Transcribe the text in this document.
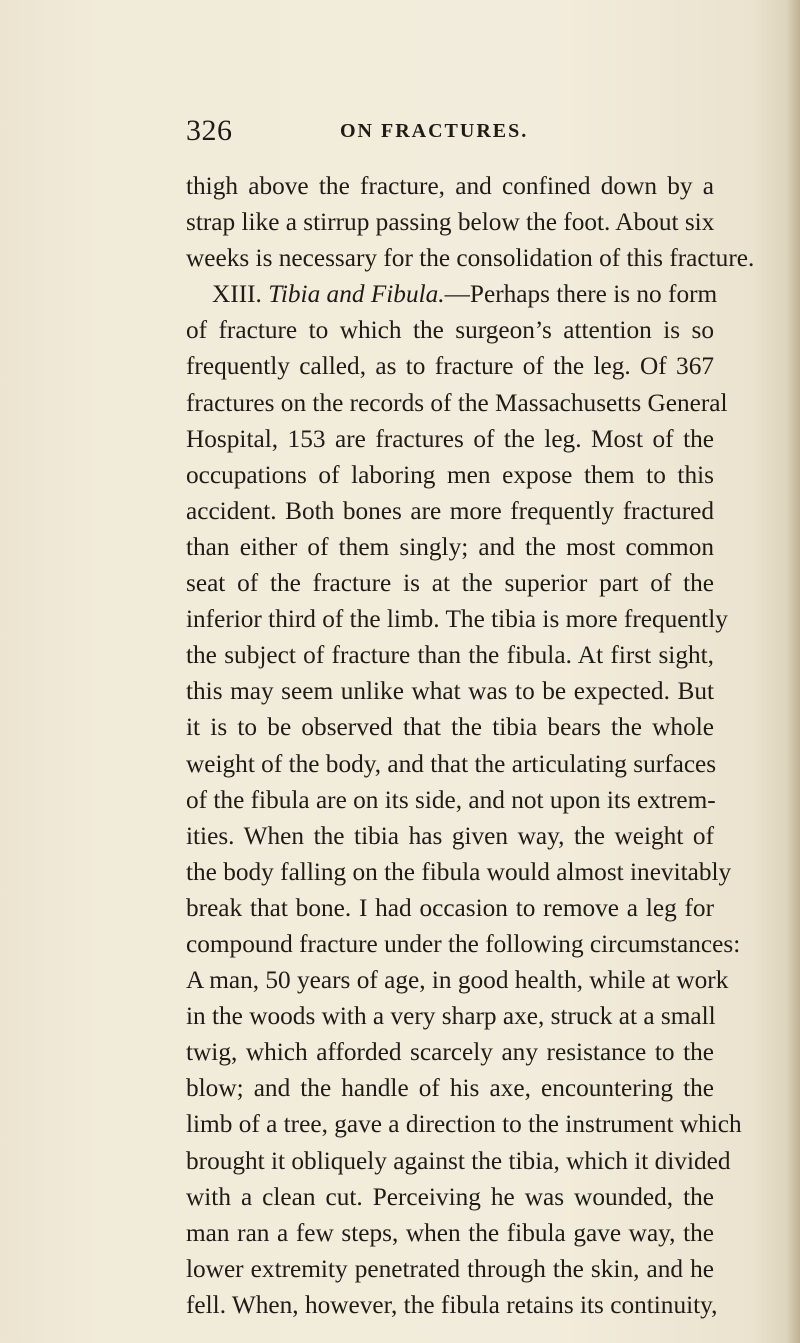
326	ON FRACTURES.
thigh above the fracture, and confined down by a
strap like a stirrup passing below the foot. About six
weeks is necessary for the consolidation of this fracture.
XIII. Tibia and Fibula.—Perhaps there is no form
of fracture to which the surgeon’s attention is so
frequently called, as to fracture of the leg. Of 367
fractures on the records of the Massachusetts General
Hospital, 153 are fractures of the leg. Most of the
occupations of laboring men expose them to this
accident. Both bones are more frequently fractured
than either of them singly; and the most common
seat of the fracture is at the superior part of the
inferior third of the limb. The tibia is more frequently
the subject of fracture than the fibula. At first sight,
this may seem unlike what was to be expected. But
it is to be observed that the tibia bears the whole
weight of the body, and that the articulating surfaces
of the fibula are on its side, and not upon its extrem-
ities. When the tibia has given way, the weight of
the body falling on the fibula would almost inevitably
break that bone. I had occasion to remove a leg for
compound fracture under the following circumstances:
A man, 50 years of age, in good health, while at work
in the woods with a very sharp axe, struck at a small
twig, which afforded scarcely any resistance to the
blow; and the handle of his axe, encountering the
limb of a tree, gave a direction to the instrument which
brought it obliquely against the tibia, which it divided
with a clean cut. Perceiving he was wounded, the
man ran a few steps, when the fibula gave way, the
lower extremity penetrated through the skin, and he
fell. When, however, the fibula retains its continuity,
